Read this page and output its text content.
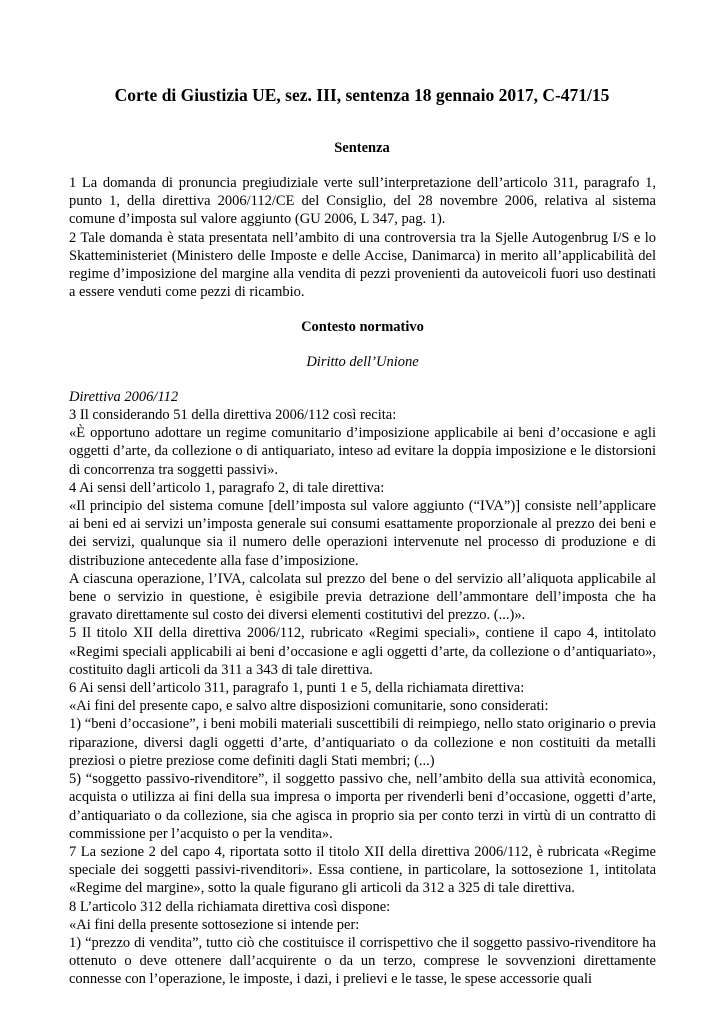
Corte di Giustizia UE, sez. III, sentenza 18 gennaio 2017, C-471/15
Sentenza

1 La domanda di pronuncia pregiudiziale verte sull’interpretazione dell’articolo 311, paragrafo 1, punto 1, della direttiva 2006/112/CE del Consiglio, del 28 novembre 2006, relativa al sistema comune d’imposta sul valore aggiunto (GU 2006, L 347, pag. 1).

2 Tale domanda è stata presentata nell’ambito di una controversia tra la Sjelle Autogenbrug I/S e lo Skatteministeriet (Ministero delle Imposte e delle Accise, Danimarca) in merito all’applicabilità del regime d’imposizione del margine alla vendita di pezzi provenienti da autoveicoli fuori uso destinati a essere venduti come pezzi di ricambio.

Contesto normativo

Diritto dell’Unione

Direttiva 2006/112

3 Il considerando 51 della direttiva 2006/112 così recita:

«È opportuno adottare un regime comunitario d’imposizione applicabile ai beni d’occasione e agli oggetti d’arte, da collezione o di antiquariato, inteso ad evitare la doppia imposizione e le distorsioni di concorrenza tra soggetti passivi».

4 Ai sensi dell’articolo 1, paragrafo 2, di tale direttiva:

«Il principio del sistema comune [dell’imposta sul valore aggiunto (“IVA”)] consiste nell’applicare ai beni ed ai servizi un’imposta generale sui consumi esattamente proporzionale al prezzo dei beni e dei servizi, qualunque sia il numero delle operazioni intervenute nel processo di produzione e di distribuzione antecedente alla fase d’imposizione.

A ciascuna operazione, l’IVA, calcolata sul prezzo del bene o del servizio all’aliquota applicabile al bene o servizio in questione, è esigibile previa detrazione dell’ammontare dell’imposta che ha gravato direttamente sul costo dei diversi elementi costitutivi del prezzo. (...)».

5 Il titolo XII della direttiva 2006/112, rubricato «Regimi speciali», contiene il capo 4, intitolato «Regimi speciali applicabili ai beni d’occasione e agli oggetti d’arte, da collezione o d’antiquariato», costituito dagli articoli da 311 a 343 di tale direttiva.

6 Ai sensi dell’articolo 311, paragrafo 1, punti 1 e 5, della richiamata direttiva:

«Ai fini del presente capo, e salvo altre disposizioni comunitarie, sono considerati:

1) “beni d’occasione”, i beni mobili materiali suscettibili di reimpiego, nello stato originario o previa riparazione, diversi dagli oggetti d’arte, d’antiquariato o da collezione e non costituiti da metalli preziosi o pietre preziose come definiti dagli Stati membri; (...)

5) “soggetto passivo-rivenditore”, il soggetto passivo che, nell’ambito della sua attività economica, acquista o utilizza ai fini della sua impresa o importa per rivenderli beni d’occasione, oggetti d’arte, d’antiquariato o da collezione, sia che agisca in proprio sia per conto terzi in virtù di un contratto di commissione per l’acquisto o per la vendita».

7 La sezione 2 del capo 4, riportata sotto il titolo XII della direttiva 2006/112, è rubricata «Regime speciale dei soggetti passivi-rivenditori». Essa contiene, in particolare, la sottosezione 1, intitolata «Regime del margine», sotto la quale figurano gli articoli da 312 a 325 di tale direttiva.

8 L’articolo 312 della richiamata direttiva così dispone:

«Ai fini della presente sottosezione si intende per:

1) “prezzo di vendita”, tutto ciò che costituisce il corrispettivo che il soggetto passivo-rivenditore ha ottenuto o deve ottenere dall’acquirente o da un terzo, comprese le sovvenzioni direttamente connesse con l’operazione, le imposte, i dazi, i prelievi e le tasse, le spese accessorie quali
